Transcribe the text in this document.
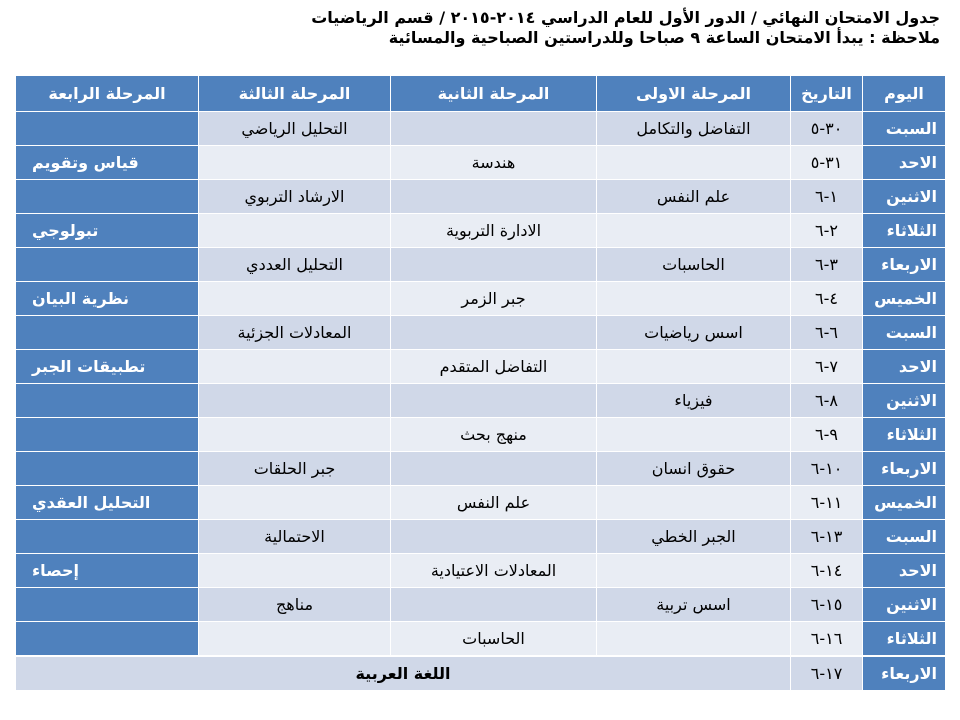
جدول الامتحان النهائي / الدور الأول للعام الدراسي ٢٠١٤-٢٠١٥ / قسم الرياضيات
ملاحظة : يبدأ الامتحان الساعة ٩ صباحا وللدراستين الصباحية والمسائية
اليوم	التاريخ	المرحلة الاولى	المرحلة الثانية	المرحلة الثالثة	المرحلة الرابعة
السبت	٣٠-٥	التفاضل والتكامل		التحليل الرياضي	
الاحد	٣١-٥		هندسة		قياس وتقويم
الاثنين	١-٦	علم النفس		الارشاد التربوي	
الثلاثاء	٢-٦		الادارة التربوية		تبولوجي
الاربعاء	٣-٦	الحاسبات		التحليل العددي	
الخميس	٤-٦		جبر الزمر		نظرية البيان
السبت	٦-٦	اسس رياضيات		المعادلات الجزئية	
الاحد	٧-٦		التفاضل المتقدم		تطبيقات الجبر
الاثنين	٨-٦	فيزياء			
الثلاثاء	٩-٦		منهج بحث		
الاربعاء	١٠-٦	حقوق انسان		جبر الحلقات	
الخميس	١١-٦		علم النفس		التحليل العقدي
السبت	١٣-٦	الجبر الخطي		الاحتمالية	
الاحد	١٤-٦		المعادلات الاعتيادية		إحصاء
الاثنين	١٥-٦	اسس تربية		مناهج	
الثلاثاء	١٦-٦		الحاسبات		
الاربعاء	١٧-٦	اللغة العربية			
